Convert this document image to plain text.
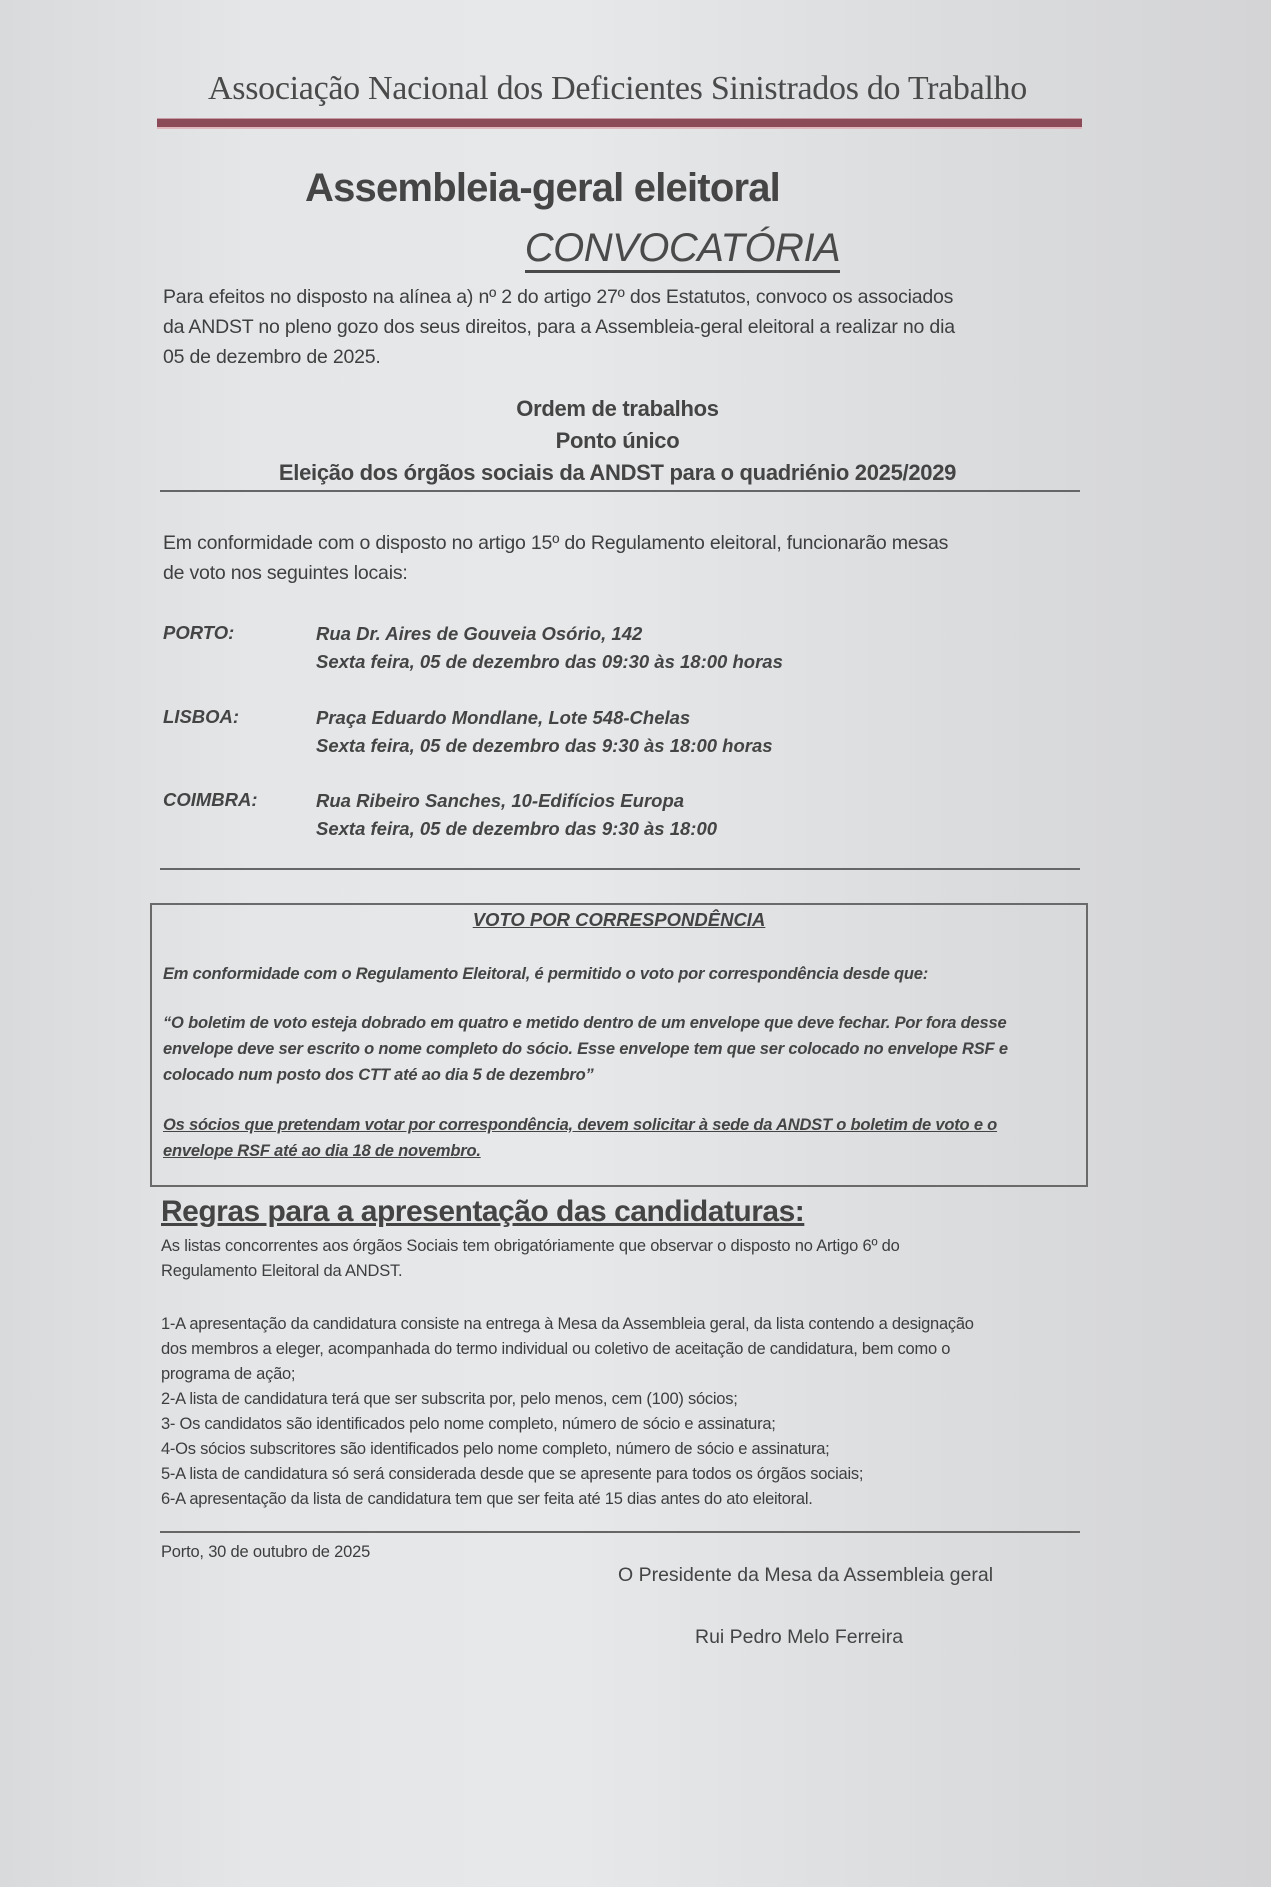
Associação Nacional dos Deficientes Sinistrados do Trabalho
Assembleia-geral eleitoral
CONVOCATÓRIA
Para efeitos no disposto na alínea a) nº 2 do artigo 27º dos Estatutos, convoco os associados
da ANDST no pleno gozo dos seus direitos, para a Assembleia-geral eleitoral a realizar no dia
05 de dezembro de 2025.
Ordem de trabalhos
Ponto único
Eleição dos órgãos sociais da ANDST para o quadriénio 2025/2029
Em conformidade com o disposto no artigo 15º do Regulamento eleitoral, funcionarão mesas
de voto nos seguintes locais:
PORTO:	Rua Dr. Aires de Gouveia Osório, 142
Sexta feira, 05 de dezembro das 09:30 às 18:00 horas
LISBOA:	Praça Eduardo Mondlane, Lote 548-Chelas
Sexta feira, 05 de dezembro das 9:30 às 18:00 horas
COIMBRA:	Rua Ribeiro Sanches, 10-Edifícios Europa
Sexta feira, 05 de dezembro das 9:30 às 18:00
VOTO POR CORRESPONDÊNCIA
Em conformidade com o Regulamento Eleitoral, é permitido o voto por correspondência desde que:
“O boletim de voto esteja dobrado em quatro e metido dentro de um envelope que deve fechar. Por fora desse
envelope deve ser escrito o nome completo do sócio. Esse envelope tem que ser colocado no envelope RSF e
colocado num posto dos CTT até ao dia 5 de dezembro”
Os sócios que pretendam votar por correspondência, devem solicitar à sede da ANDST o boletim de voto e o
envelope RSF até ao dia 18 de novembro.
Regras para a apresentação das candidaturas:
As listas concorrentes aos órgãos Sociais tem obrigatóriamente que observar o disposto no Artigo 6º do
Regulamento Eleitoral da ANDST.
1-A apresentação da candidatura consiste na entrega à Mesa da Assembleia geral, da lista contendo a designação
dos membros a eleger, acompanhada do termo individual ou coletivo de aceitação de candidatura, bem como o
programa de ação;
2-A lista de candidatura terá que ser subscrita por, pelo menos, cem (100) sócios;
3- Os candidatos são identificados pelo nome completo, número de sócio e assinatura;
4-Os sócios subscritores são identificados pelo nome completo, número de sócio e assinatura;
5-A lista de candidatura só será considerada desde que se apresente para todos os órgãos sociais;
6-A apresentação da lista de candidatura tem que ser feita até 15 dias antes do ato eleitoral.
Porto, 30 de outubro de 2025
O Presidente da Mesa da Assembleia geral
Rui Pedro Melo Ferreira
